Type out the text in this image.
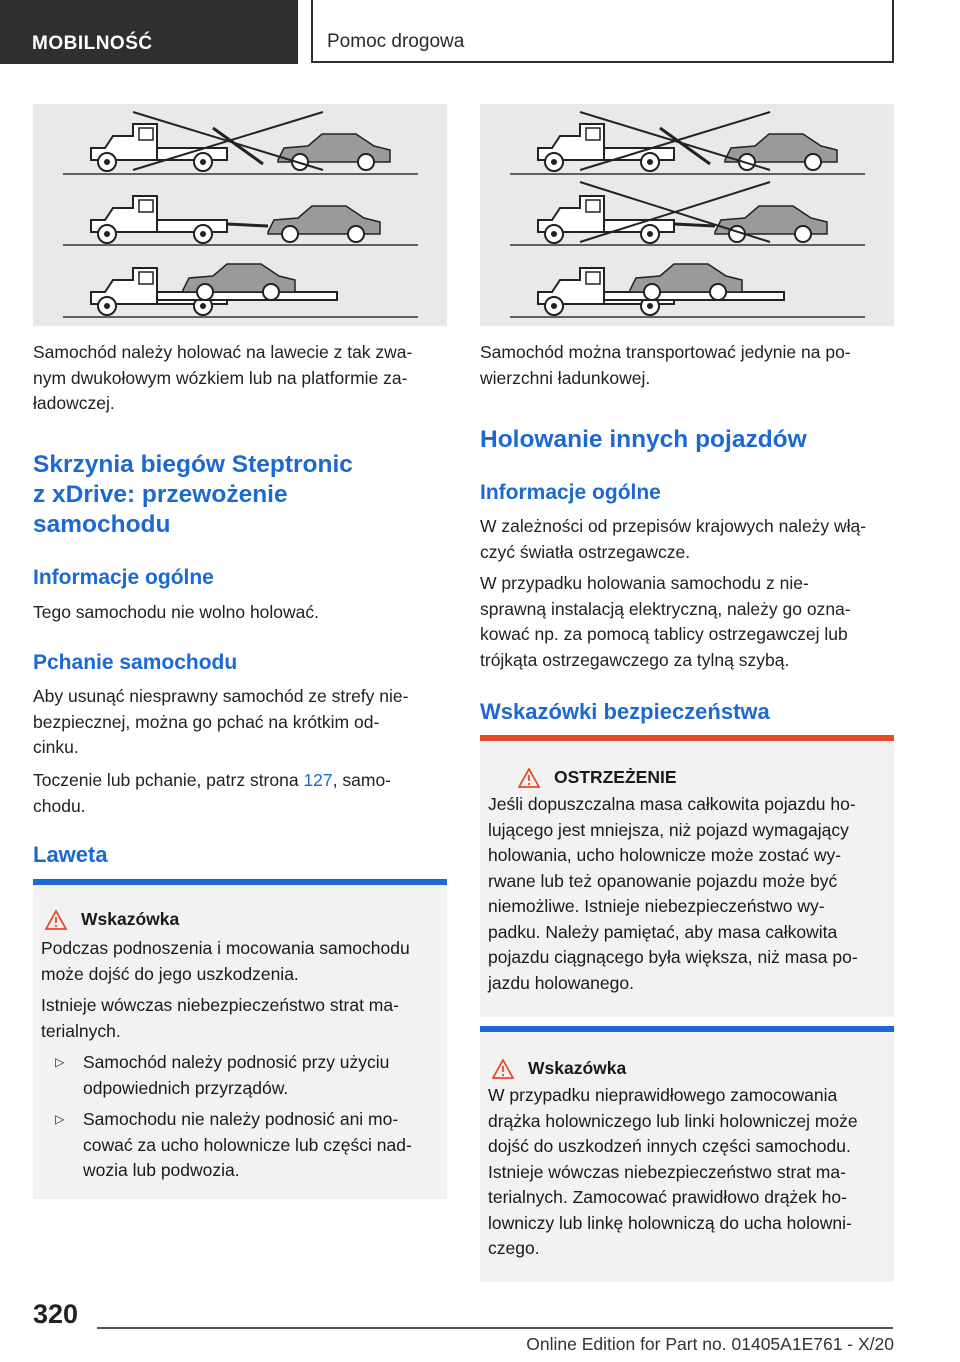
MOBILNOŚĆ	Pomoc drogowa

Samochód należy holować na lawecie z tak zwa-

nym dwukołowym wózkiem lub na platformie za-

ładowczej.

Skrzynia biegów Steptronic
z xDrive: przewożenie
samochodu
Informacje ogólne

Tego samochodu nie wolno holować.

Pchanie samochodu

Aby usunąć niesprawny samochód ze strefy nie-

bezpiecznej, można go pchać na krótkim od-

cinku.

Toczenie lub pchanie, patrz strona 127, samo-

chodu.

Laweta
Wskazówka

Podczas podnoszenia i mocowania samochodu

może dojść do jego uszkodzenia.

Istnieje wówczas niebezpieczeństwo strat ma-

terialnych.

▷	Samochód należy podnosić przy użyciu

odpowiednich przyrządów.

▷	Samochodu nie należy podnosić ani mo-

cować za ucho holownicze lub części nad-

wozia lub podwozia.

Samochód można transportować jedynie na po-

wierzchni ładunkowej.

Holowanie innych pojazdów
Informacje ogólne

W zależności od przepisów krajowych należy włą-

czyć światła ostrzegawcze.

W przypadku holowania samochodu z nie-

sprawną instalacją elektryczną, należy go ozna-

kować np. za pomocą tablicy ostrzegawczej lub

trójkąta ostrzegawczego za tylną szybą.

Wskazówki bezpieczeństwa
OSTRZEŻENIE

Jeśli dopuszczalna masa całkowita pojazdu ho-

lującego jest mniejsza, niż pojazd wymagający

holowania, ucho holownicze może zostać wy-

rwane lub też opanowanie pojazdu może być

niemożliwe. Istnieje niebezpieczeństwo wy-

padku. Należy pamiętać, aby masa całkowita

pojazdu ciągnącego była większa, niż masa po-

jazdu holowanego.

Wskazówka

W przypadku nieprawidłowego zamocowania

drążka holowniczego lub linki holowniczej może

dojść do uszkodzeń innych części samochodu.

Istnieje wówczas niebezpieczeństwo strat ma-

terialnych. Zamocować prawidłowo drążek ho-

lowniczy lub linkę holowniczą do ucha holowni-

czego.

320
Online Edition for Part no. 01405A1E761 - X/20
